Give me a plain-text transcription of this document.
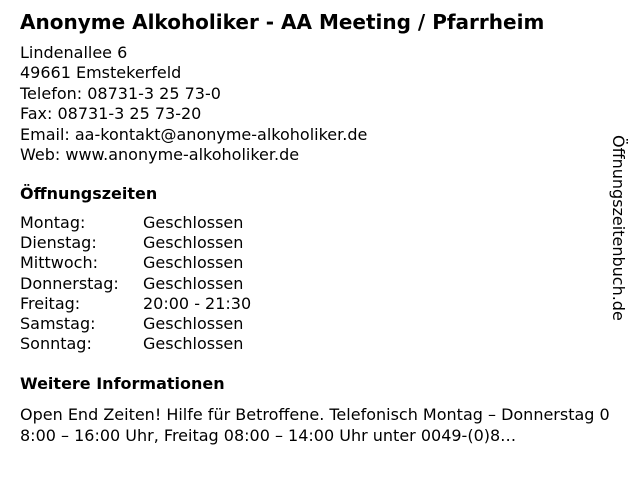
Anonyme Alkoholiker - AA Meeting / Pfarrheim
Lindenallee 6
49661 Emstekerfeld
Telefon: 08731-3 25 73-0
Fax: 08731-3 25 73-20
Email: aa-kontakt@anonyme-alkoholiker.de
Web: www.anonyme-alkoholiker.de
Öffnungszeiten
Montag:	Geschlossen
Dienstag:	Geschlossen
Mittwoch:	Geschlossen
Donnerstag:	Geschlossen
Freitag:	20:00 - 21:30
Samstag:	Geschlossen
Sonntag:	Geschlossen
Weitere Informationen
Open End Zeiten! Hilfe für Betroffene. Telefonisch Montag – Donnerstag 08:00 – 16:00 Uhr, Freitag 08:00 – 14:00 Uhr unter 0049-(0)8…
Öffnungszeitenbuch.de
